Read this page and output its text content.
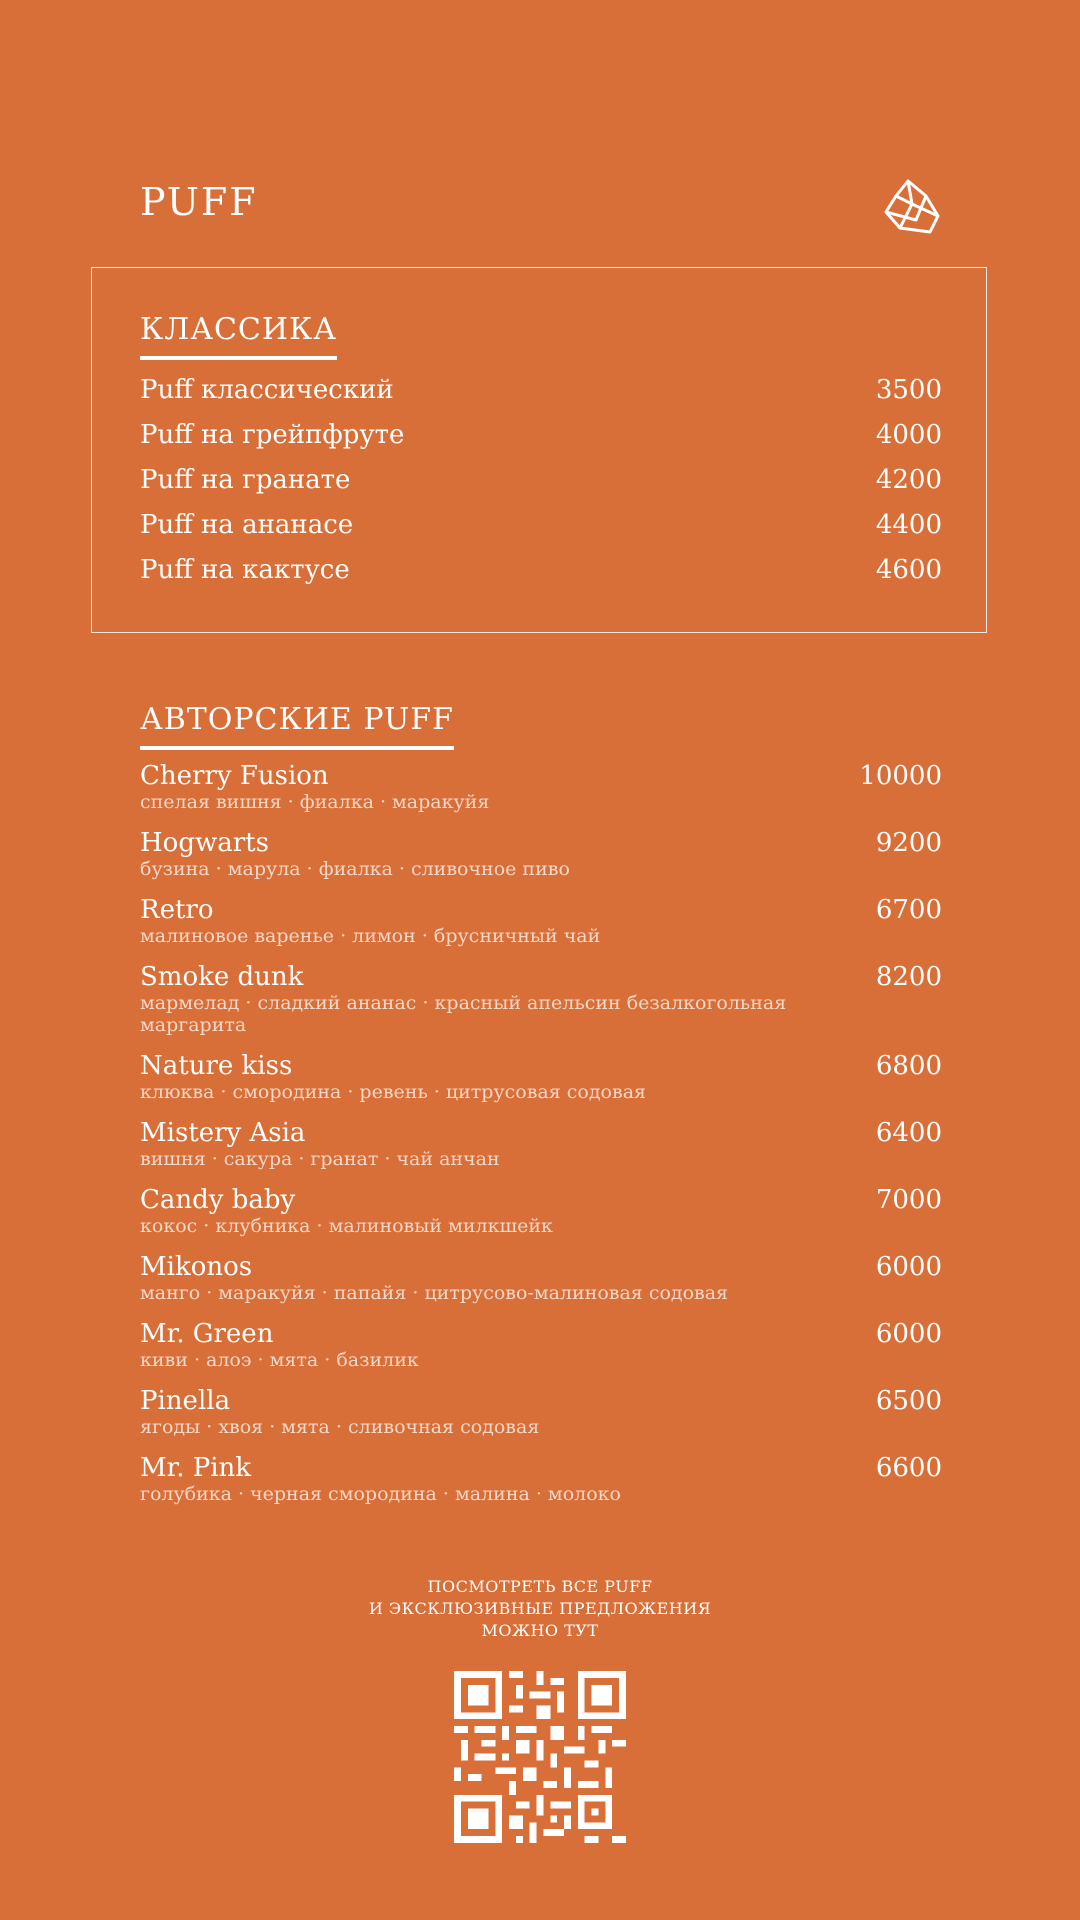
PUFF
КЛАССИКА
Puff классический	3500
Puff на грейпфруте	4000
Puff на гранате	4200
Puff на ананасе	4400
Puff на кактусе	4600
АВТОРСКИЕ PUFF
Cherry Fusion	10000
спелая вишня · фиалка · маракуйя
Hogwarts	9200
бузина · марула · фиалка · сливочное пиво
Retro	6700
малиновое варенье · лимон · брусничный чай
Smoke dunk	8200
мармелад · сладкий ананас · красный апельсин безалкогольная маргарита
Nature kiss	6800
клюква · смородина · ревень · цитрусовая содовая
Mistery Asia	6400
вишня · сакура · гранат · чай анчан
Candy baby	7000
кокос · клубника · малиновый милкшейк
Mikonos	6000
манго · маракуйя · папайя · цитрусово-малиновая содовая
Mr. Green	6000
киви · алоэ · мята · базилик
Pinella	6500
ягоды · хвоя · мята · сливочная содовая
Mr. Pink	6600
голубика · черная смородина · малина · молоко
ПОСМОТРЕТЬ ВСЕ PUFF
И ЭКСКЛЮЗИВНЫЕ ПРЕДЛОЖЕНИЯ
МОЖНО ТУТ
